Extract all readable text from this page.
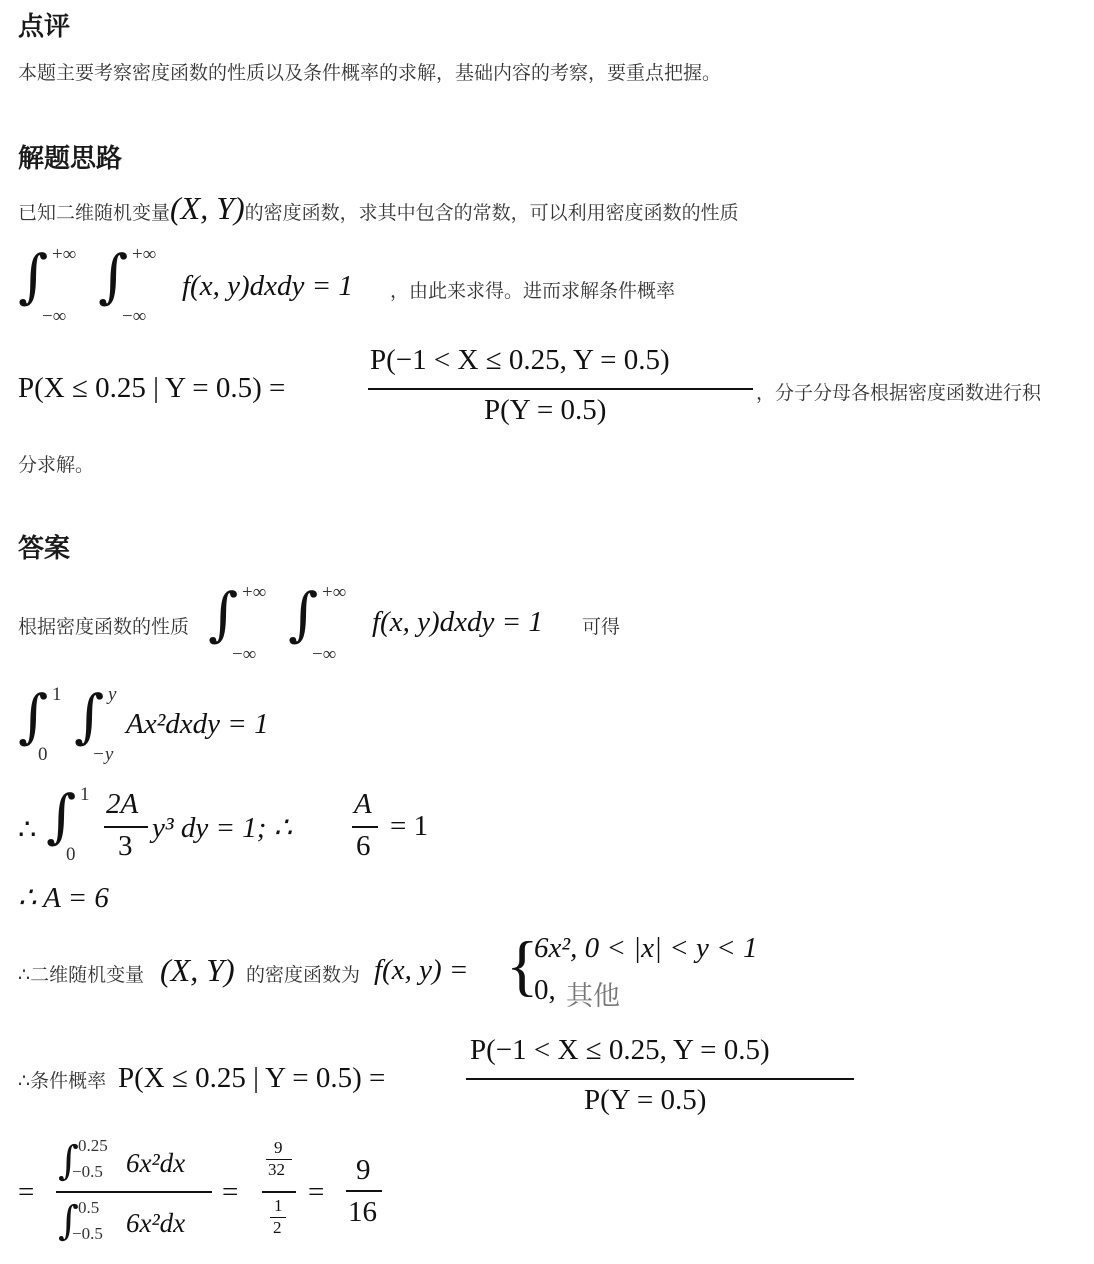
点评
本题主要考察密度函数的性质以及条件概率的求解，基础内容的考察，要重点把握。
解题思路
已知二维随机变量(X, Y)的密度函数，求其中包含的常数，可以利用密度函数的性质
∫ +∞
−∞
∫ +∞
−∞
f(x, y)dxdy = 1 ，由此来求得。进而求解条件概率
P(X ≤ 0.25 | Y = 0.5) =
P(−1 < X ≤ 0.25, Y = 0.5)
P(Y = 0.5)
，分子分母各根据密度函数进行积
分求解。
答案
根据密度函数的性质 ∫ +∞
−∞
∫ +∞
−∞
f(x, y)dxdy = 1 可得
∫ 1
0
∫ y
−y
Ax²dxdy = 1
∴ ∫ 1
0
2A
3
y³ dy = 1; ∴
A
6
= 1
∴ A = 6
∴二维随机变量 (X, Y) 的密度函数为 f(x, y) = {
6x², 0 < |x| < y < 1
0, 其他
∴条件概率 P(X ≤ 0.25 | Y = 0.5) =
P(−1 < X ≤ 0.25, Y = 0.5)
P(Y = 0.5)
=
∫ 0.25
−0.5 6x²dx
∫ 0.5
−0.5 6x²dx
=
9
32
1
2
=
9
16
